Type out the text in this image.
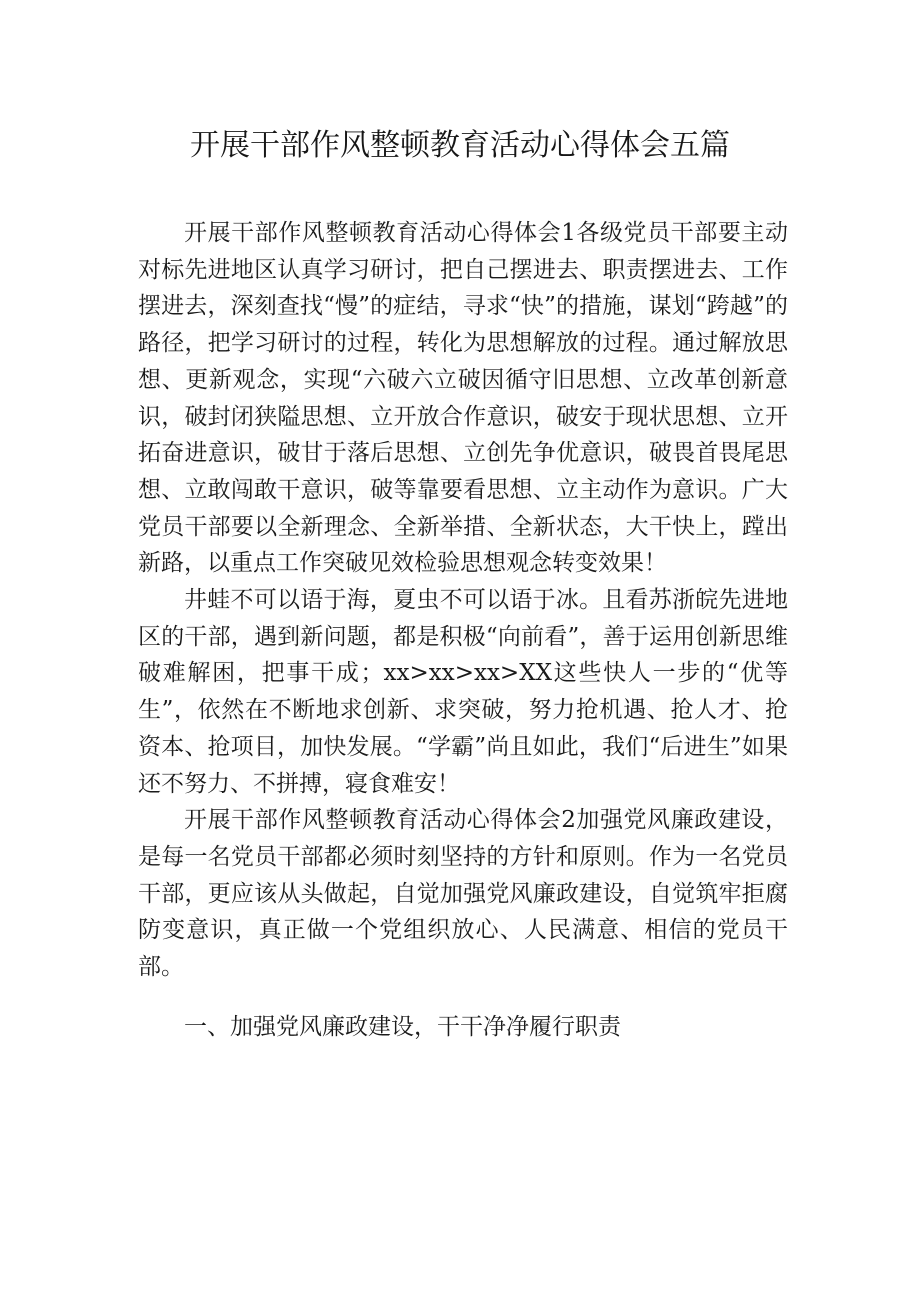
开展干部作风整顿教育活动心得体会五篇

开展干部作风整顿教育活动心得体会1各级党员干部要主动对标先进地区认真学习研讨，把自己摆进去、职责摆进去、工作摆进去，深刻查找“慢”的症结，寻求“快”的措施，谋划“跨越”的路径，把学习研讨的过程，转化为思想解放的过程。通过解放思想、更新观念，实现“六破六立破因循守旧思想、立改革创新意识，破封闭狭隘思想、立开放合作意识，破安于现状思想、立开拓奋进意识，破甘于落后思想、立创先争优意识，破畏首畏尾思想、立敢闯敢干意识，破等靠要看思想、立主动作为意识。广大党员干部要以全新理念、全新举措、全新状态，大干快上，蹚出新路，以重点工作突破见效检验思想观念转变效果！

井蛙不可以语于海，夏虫不可以语于冰。且看苏浙皖先进地区的干部，遇到新问题，都是积极“向前看”，善于运用创新思维破难解困，把事干成；xx>xx>xx>XX这些快人一步的“优等生”，依然在不断地求创新、求突破，努力抢机遇、抢人才、抢资本、抢项目，加快发展。“学霸”尚且如此，我们“后进生”如果还不努力、不拼搏，寝食难安！

开展干部作风整顿教育活动心得体会2加强党风廉政建设，是每一名党员干部都必须时刻坚持的方针和原则。作为一名党员干部，更应该从头做起，自觉加强党风廉政建设，自觉筑牢拒腐防变意识，真正做一个党组织放心、人民满意、相信的党员干部。

一、加强党风廉政建设，干干净净履行职责
